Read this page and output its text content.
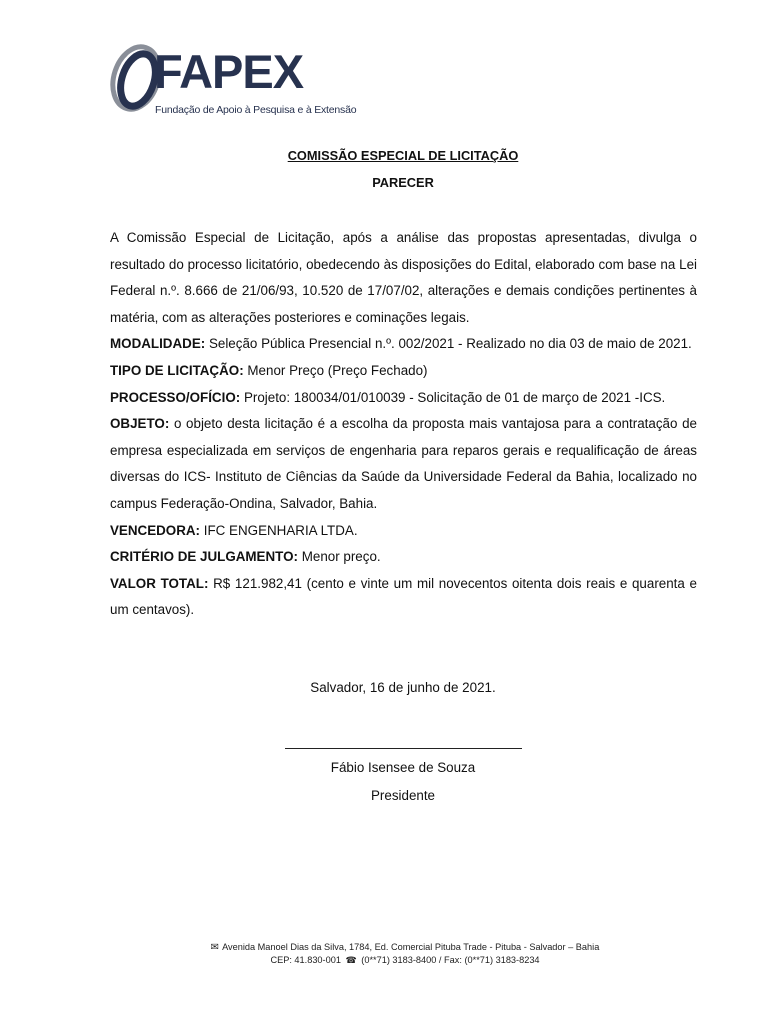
FAPEX
Fundação de Apoio à Pesquisa e à Extensão
COMISSÃO ESPECIAL DE LICITAÇÃO
PARECER

A Comissão Especial de Licitação, após a análise das propostas apresentadas, divulga o resultado do processo licitatório, obedecendo às disposições do Edital, elaborado com base na Lei Federal n.º. 8.666 de 21/06/93, 10.520 de 17/07/02, alterações e demais condições pertinentes à matéria, com as alterações posteriores e cominações legais.

MODALIDADE: Seleção Pública Presencial n.º. 002/2021 - Realizado no dia 03 de maio de 2021.

TIPO DE LICITAÇÃO: Menor Preço (Preço Fechado)

PROCESSO/OFÍCIO: Projeto: 180034/01/010039 - Solicitação de 01 de março de 2021 -ICS.

OBJETO: o objeto desta licitação é a escolha da proposta mais vantajosa para a contratação de empresa especializada em serviços de engenharia para reparos gerais e requalificação de áreas diversas do ICS- Instituto de Ciências da Saúde da Universidade Federal da Bahia, localizado no campus Federação-Ondina, Salvador, Bahia.

VENCEDORA: IFC ENGENHARIA LTDA.

CRITÉRIO DE JULGAMENTO: Menor preço.

VALOR TOTAL: R$ 121.982,41 (cento e vinte um mil novecentos oitenta dois reais e quarenta e um centavos).

Salvador, 16 de junho de 2021.
Fábio Isensee de Souza
Presidente
✉ Avenida Manoel Dias da Silva, 1784, Ed. Comercial Pituba Trade - Pituba - Salvador – Bahia
CEP: 41.830-001 ☎ (0**71) 3183-8400 / Fax: (0**71) 3183-8234
